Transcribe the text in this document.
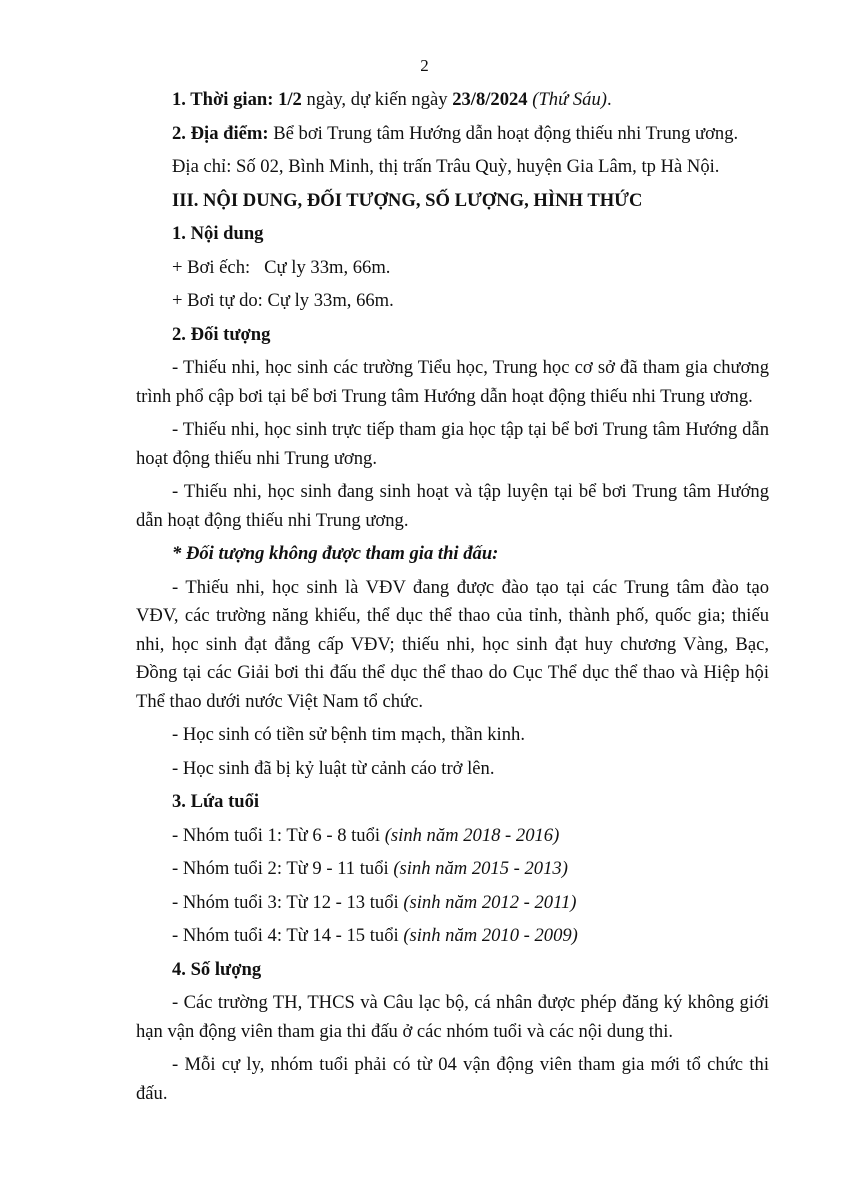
2

1. Thời gian: 1/2 ngày, dự kiến ngày 23/8/2024 (Thứ Sáu).

2. Địa điểm: Bể bơi Trung tâm Hướng dẫn hoạt động thiếu nhi Trung ương.

Địa chỉ: Số 02, Bình Minh, thị trấn Trâu Quỳ, huyện Gia Lâm, tp Hà Nội.

III. NỘI DUNG, ĐỐI TƯỢNG, SỐ LƯỢNG, HÌNH THỨC

1. Nội dung

+ Bơi ếch: Cự ly 33m, 66m.

+ Bơi tự do: Cự ly 33m, 66m.

2. Đối tượng

- Thiếu nhi, học sinh các trường Tiểu học, Trung học cơ sở đã tham gia chương trình phổ cập bơi tại bể bơi Trung tâm Hướng dẫn hoạt động thiếu nhi Trung ương.

- Thiếu nhi, học sinh trực tiếp tham gia học tập tại bể bơi Trung tâm Hướng dẫn hoạt động thiếu nhi Trung ương.

- Thiếu nhi, học sinh đang sinh hoạt và tập luyện tại bể bơi Trung tâm Hướng dẫn hoạt động thiếu nhi Trung ương.

* Đối tượng không được tham gia thi đấu:

- Thiếu nhi, học sinh là VĐV đang được đào tạo tại các Trung tâm đào tạo VĐV, các trường năng khiếu, thể dục thể thao của tỉnh, thành phố, quốc gia; thiếu nhi, học sinh đạt đẳng cấp VĐV; thiếu nhi, học sinh đạt huy chương Vàng, Bạc, Đồng tại các Giải bơi thi đấu thể dục thể thao do Cục Thể dục thể thao và Hiệp hội Thể thao dưới nước Việt Nam tổ chức.

- Học sinh có tiền sử bệnh tim mạch, thần kinh.

- Học sinh đã bị kỷ luật từ cảnh cáo trở lên.

3. Lứa tuổi

- Nhóm tuổi 1: Từ 6 - 8 tuổi (sinh năm 2018 - 2016)

- Nhóm tuổi 2: Từ 9 - 11 tuổi (sinh năm 2015 - 2013)

- Nhóm tuổi 3: Từ 12 - 13 tuổi (sinh năm 2012 - 2011)

- Nhóm tuổi 4: Từ 14 - 15 tuổi (sinh năm 2010 - 2009)

4. Số lượng

- Các trường TH, THCS và Câu lạc bộ, cá nhân được phép đăng ký không giới hạn vận động viên tham gia thi đấu ở các nhóm tuổi và các nội dung thi.

- Mỗi cự ly, nhóm tuổi phải có từ 04 vận động viên tham gia mới tổ chức thi đấu.
